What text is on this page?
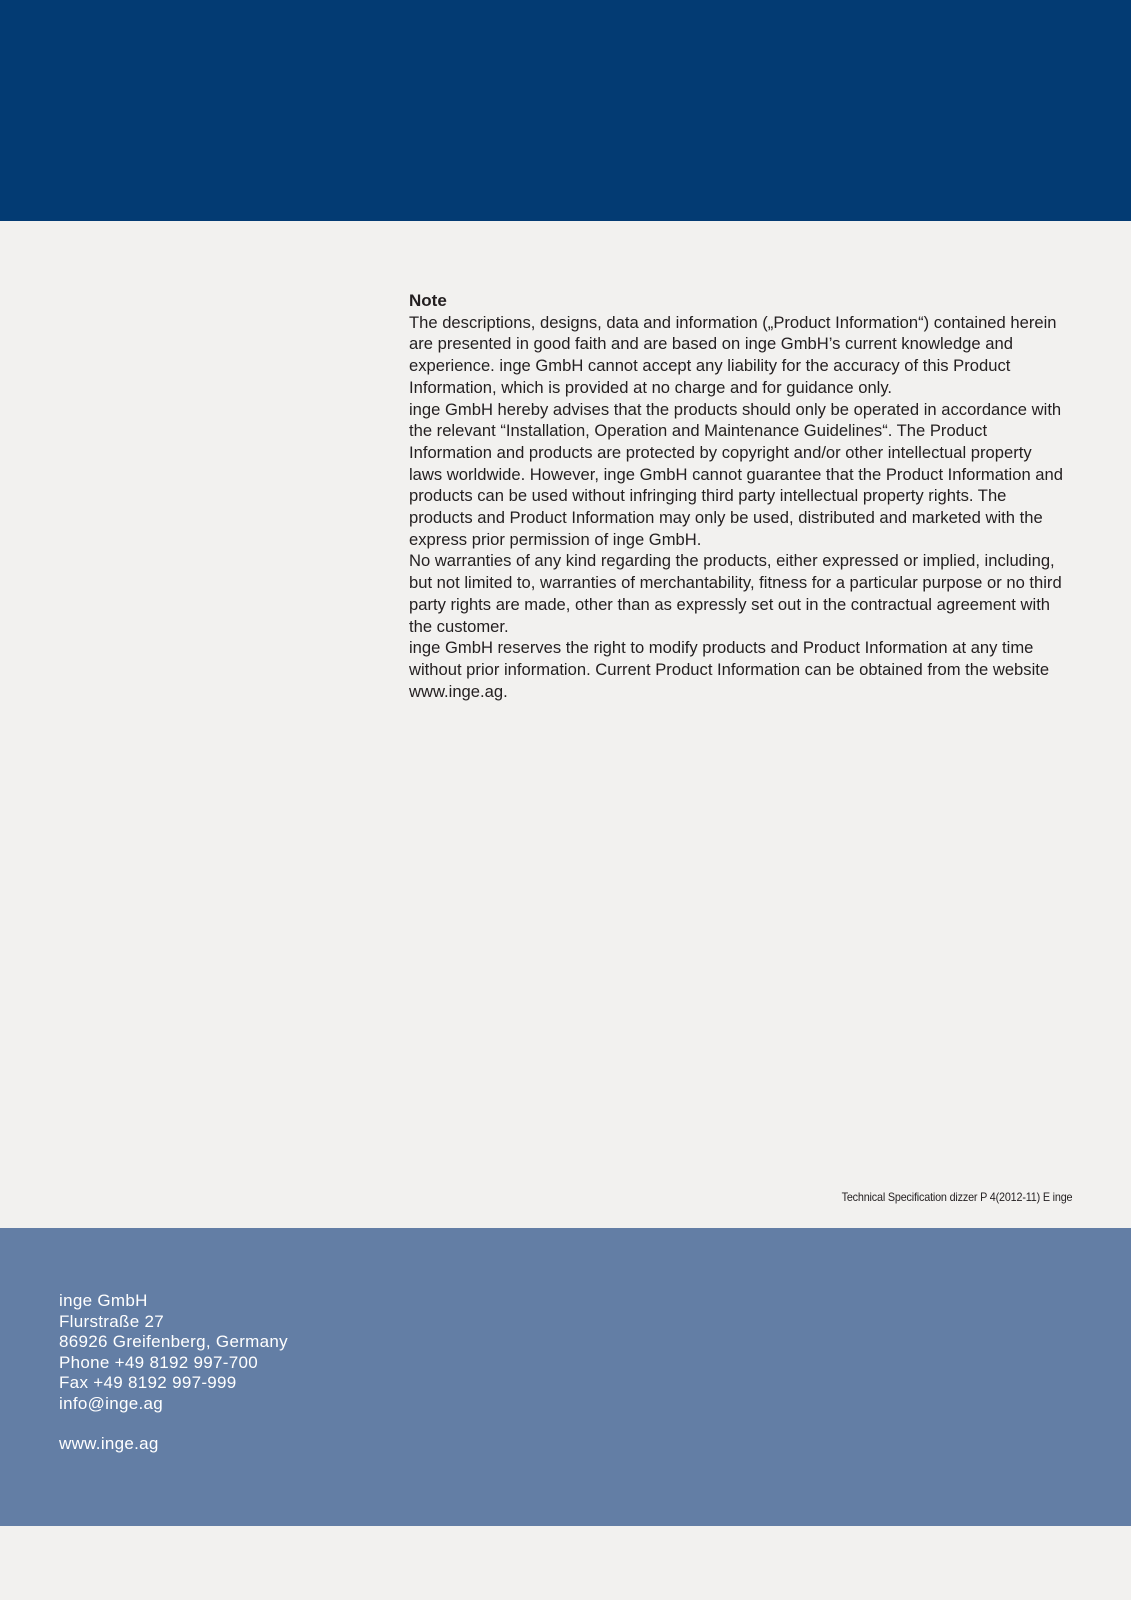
Note

The descriptions, designs, data and information („Product Information“) contained herein are presented in good faith and are based on inge GmbH’s current knowledge and experience. inge GmbH cannot accept any liability for the accuracy of this Product Information, which is provided at no charge and for guidance only.

inge GmbH hereby advises that the products should only be operated in accordance with the relevant “Installation, Operation and Maintenance Guidelines“. The Product Information and products are protected by copyright and/or other intellectual property laws worldwide. However, inge GmbH cannot guarantee that the Product Information and products can be used without infringing third party intellectual property rights. The products and Product Information may only be used, distributed and marketed with the express prior permission of inge GmbH.

No warranties of any kind regarding the products, either expressed or implied, including, but not limited to, warranties of merchantability, fitness for a particular purpose or no third party rights are made, other than as expressly set out in the contractual agreement with the customer.

inge GmbH reserves the right to modify products and Product Information at any time without prior information. Current Product Information can be obtained from the website www.inge.ag.

Technical Specification dizzer P 4(2012-11) E inge
inge GmbH
Flurstraße 27
86926 Greifenberg, Germany
Phone +49 8192 997-700
Fax +49 8192 997-999
info@inge.ag
www.inge.ag
